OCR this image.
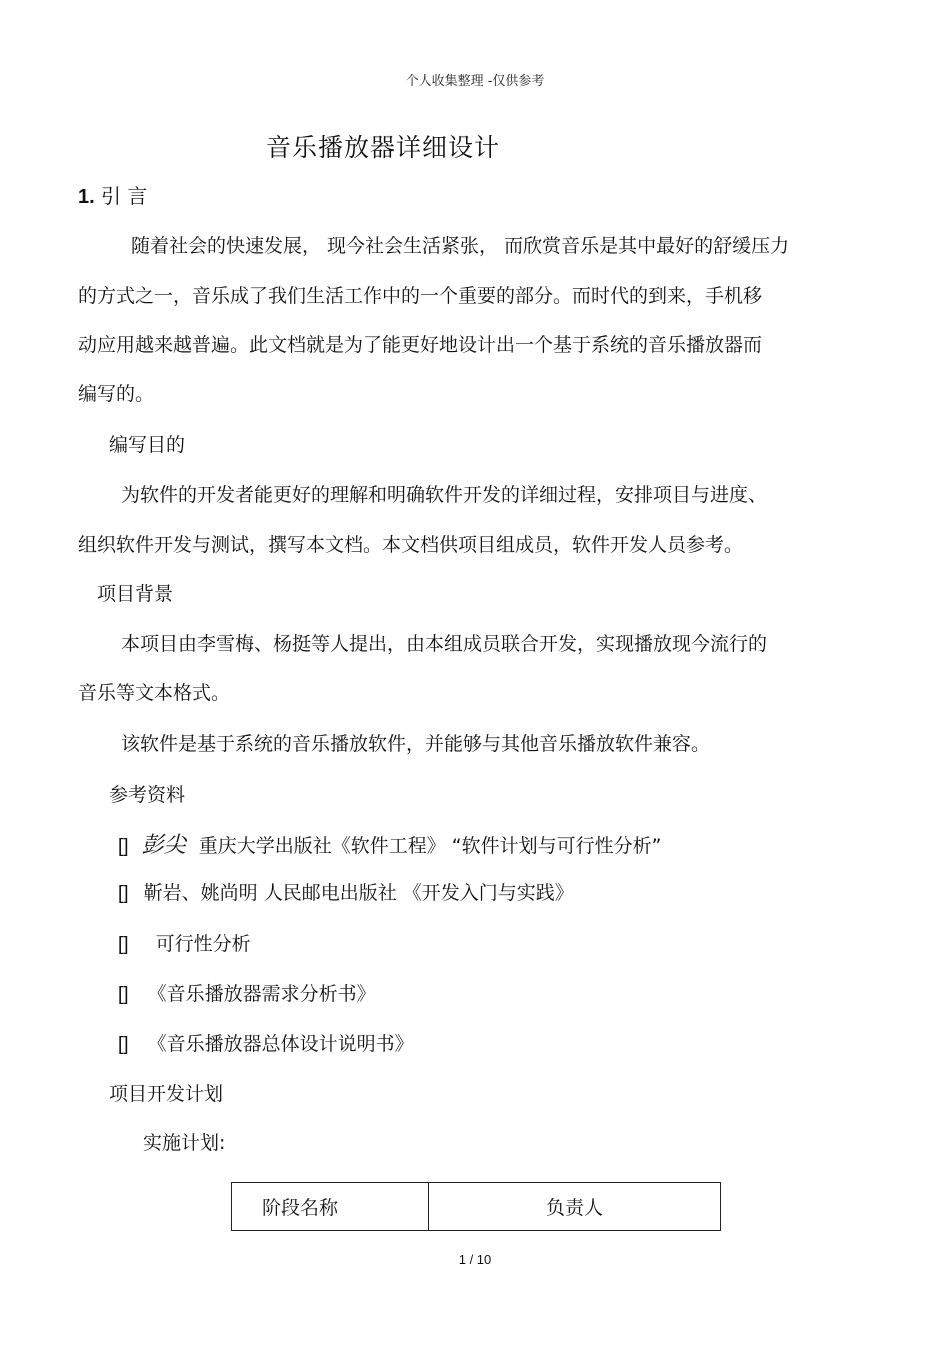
个人收集整理 -仅供参考
音乐播放器详细设计
1. 引 言
随着社会的快速发展， 现今社会生活紧张， 而欣赏音乐是其中最好的舒缓压力
的方式之一，音乐成了我们生活工作中的一个重要的部分。而时代的到来，手机移
动应用越来越普遍。此文档就是为了能更好地设计出一个基于系统的音乐播放器而
编写的。
编写目的
为软件的开发者能更好的理解和明确软件开发的详细过程，安排项目与进度、
组织软件开发与测试，撰写本文档。本文档供项目组成员，软件开发人员参考。
项目背景
本项目由李雪梅、杨挺等人提出，由本组成员联合开发，实现播放现今流行的
音乐等文本格式。
该软件是基于系统的音乐播放软件，并能够与其他音乐播放软件兼容。
参考资料
[] 彭尖 重庆大学出版社《软件工程》 “软件计划与可行性分析”
[] 靳岩、姚尚明 人民邮电出版社 《开发入门与实践》
[] 可行性分析
[] 《音乐播放器需求分析书》
[] 《音乐播放器总体设计说明书》
项目开发计划
实施计划:
阶段名称	负责人
1 / 10
